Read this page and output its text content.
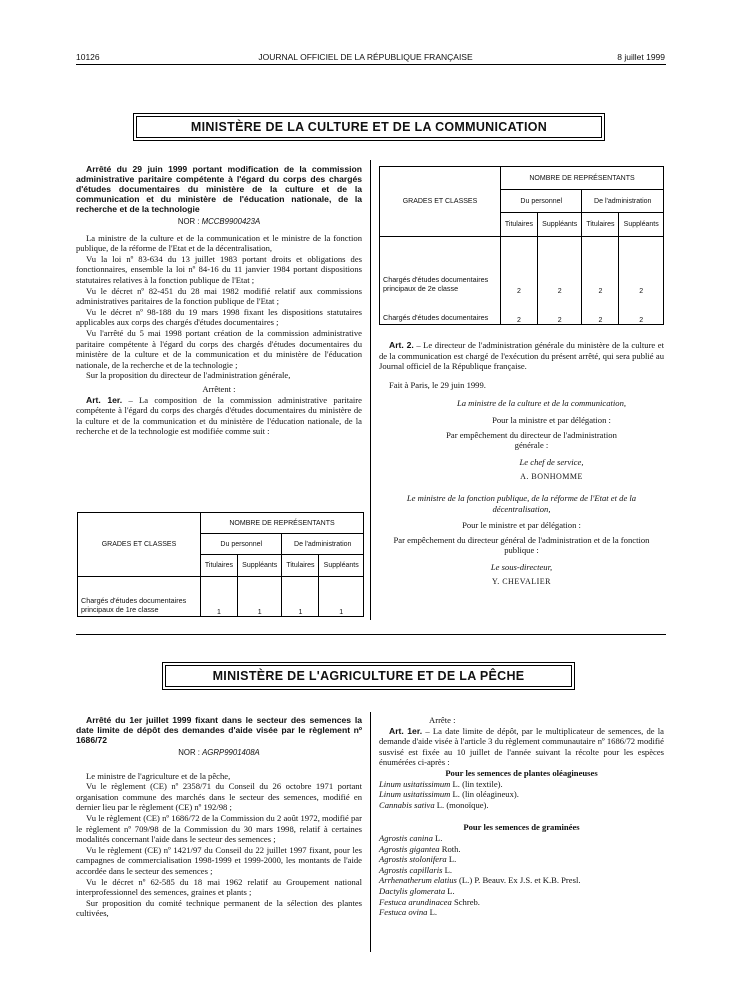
10126	JOURNAL OFFICIEL DE LA RÉPUBLIQUE FRANÇAISE	8 juillet 1999
MINISTÈRE DE LA CULTURE ET DE LA COMMUNICATION

Arrêté du 29 juin 1999 portant modification de la commission administrative paritaire compétente à l'égard du corps des chargés d'études documentaires du ministère de la culture et de la communication et du ministère de l'éducation nationale, de la recherche et de la technologie

NOR : MCCB9900423A

La ministre de la culture et de la communication et le ministre de la fonction publique, de la réforme de l'Etat et de la décentralisation,

Vu la loi nº 83-634 du 13 juillet 1983 portant droits et obligations des fonctionnaires, ensemble la loi nº 84-16 du 11 janvier 1984 portant dispositions statutaires relatives à la fonction publique de l'Etat ;

Vu le décret nº 82-451 du 28 mai 1982 modifié relatif aux commissions administratives paritaires de la fonction publique de l'Etat ;

Vu le décret nº 98-188 du 19 mars 1998 fixant les dispositions statutaires applicables aux corps des chargés d'études documentaires ;

Vu l'arrêté du 5 mai 1998 portant création de la commission administrative paritaire compétente à l'égard du corps des chargés d'études documentaires du ministère de la culture et de la communication et du ministère de l'éducation nationale, de la recherche et de la technologie ;

Sur la proposition du directeur de l'administration générale,

Arrêtent :

Art. 1er. – La composition de la commission administrative paritaire compétente à l'égard du corps des chargés d'études documentaires du ministère de la culture et de la communication et du ministère de l'éducation nationale, de la recherche et de la technologie est modifiée comme suit :

GRADES ET CLASSES	NOMBRE DE REPRÉSENTANTS			
	Du personnel		De l'administration	
	Titulaires	Suppléants	Titulaires	Suppléants
Chargés d'études documentaires principaux de 1re classe	1	1	1	1
GRADES ET CLASSES	NOMBRE DE REPRÉSENTANTS			
	Du personnel		De l'administration	
	Titulaires	Suppléants	Titulaires	Suppléants
Chargés d'études documentaires principaux de 2e classe	2	2	2	2
Chargés d'études documentaires	2	2	2	2

Art. 2. – Le directeur de l'administration générale du ministère de la culture et de la communication est chargé de l'exécution du présent arrêté, qui sera publié au Journal officiel de la République française.

Fait à Paris, le 29 juin 1999.

La ministre de la culture et de la communication,

Pour la ministre et par délégation :

Par empêchement du directeur de l'administration générale :

Le chef de service,

A. BONHOMME

Le ministre de la fonction publique, de la réforme de l'Etat et de la décentralisation,

Pour le ministre et par délégation :

Par empêchement du directeur général de l'administration et de la fonction publique :

Le sous-directeur,

Y. CHEVALIER

MINISTÈRE DE L'AGRICULTURE ET DE LA PÊCHE

Arrêté du 1er juillet 1999 fixant dans le secteur des semences la date limite de dépôt des demandes d'aide visée par le règlement nº 1686/72

NOR : AGRP9901408A

Le ministre de l'agriculture et de la pêche,

Vu le règlement (CE) nº 2358/71 du Conseil du 26 octobre 1971 portant organisation commune des marchés dans le secteur des semences, modifié en dernier lieu par le règlement (CE) nº 192/98 ;

Vu le règlement (CE) nº 1686/72 de la Commission du 2 août 1972, modifié par le règlement nº 709/98 de la Commission du 30 mars 1998, relatif à certaines modalités concernant l'aide dans le secteur des semences ;

Vu le règlement (CE) nº 1421/97 du Conseil du 22 juillet 1997 fixant, pour les campagnes de commercialisation 1998-1999 et 1999-2000, les montants de l'aide accordée dans le secteur des semences ;

Vu le décret nº 62-585 du 18 mai 1962 relatif au Groupement national interprofessionnel des semences, graines et plants ;

Sur proposition du comité technique permanent de la sélection des plantes cultivées,

Arrête :

Art. 1er. – La date limite de dépôt, par le multiplicateur de semences, de la demande d'aide visée à l'article 3 du règlement communautaire nº 1686/72 modifié susvisé est fixée au 10 juillet de l'année suivant la récolte pour les espèces énumérées ci-après :

Pour les semences de plantes oléagineuses

Linum usitatissimum L. (lin textile).

Linum usitatissimum L. (lin oléagineux).

Cannabis sativa L. (monoïque).

Pour les semences de graminées

Agrostis canina L.

Agrostis gigantea Roth.

Agrostis stolonifera L.

Agrostis capillaris L.

Arrhenatherum elatius (L.) P. Beauv. Ex J.S. et K.B. Presl.

Dactylis glomerata L.

Festuca arundinacea Schreb.

Festuca ovina L.
